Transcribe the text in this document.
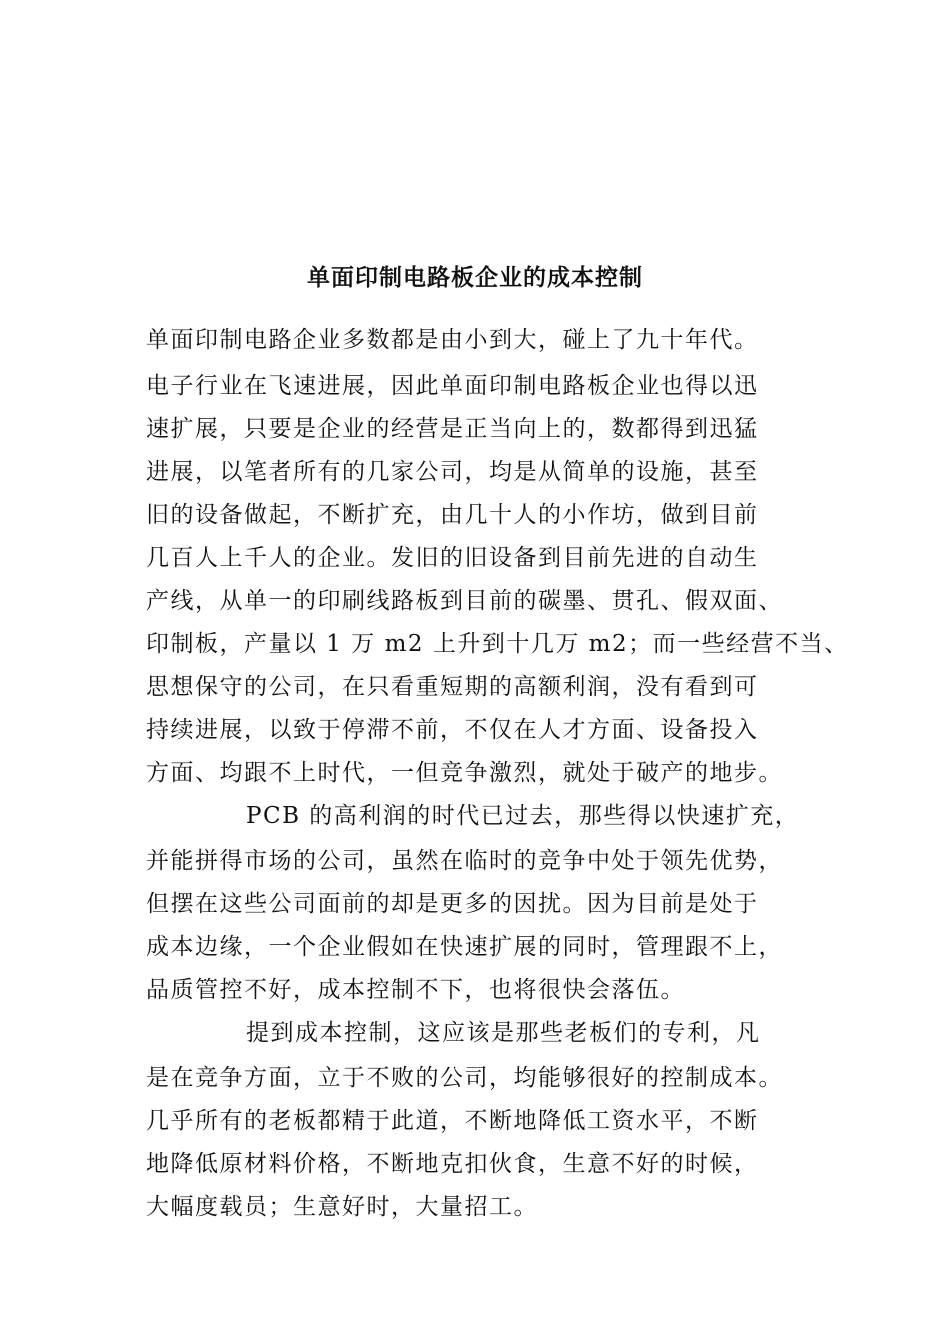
单面印制电路板企业的成本控制
单面印制电路企业多数都是由小到大，碰上了九十年代。
电子行业在飞速进展，因此单面印制电路板企业也得以迅
速扩展，只要是企业的经营是正当向上的，数都得到迅猛
进展，以笔者所有的几家公司，均是从简单的设施，甚至
旧的设备做起，不断扩充，由几十人的小作坊，做到目前
几百人上千人的企业。发旧的旧设备到目前先进的自动生
产线，从单一的印刷线路板到目前的碳墨、贯孔、假双面、
印制板，产量以 1 万 m2 上升到十几万 m2；而一些经营不当、
思想保守的公司，在只看重短期的高额利润，没有看到可
持续进展，以致于停滞不前，不仅在人才方面、设备投入
方面、均跟不上时代，一但竞争激烈，就处于破产的地步。
PCB 的高利润的时代已过去，那些得以快速扩充，
并能拼得市场的公司，虽然在临时的竞争中处于领先优势，
但摆在这些公司面前的却是更多的因扰。因为目前是处于
成本边缘，一个企业假如在快速扩展的同时，管理跟不上，
品质管控不好，成本控制不下，也将很快会落伍。
提到成本控制，这应该是那些老板们的专利，凡
是在竞争方面，立于不败的公司，均能够很好的控制成本。
几乎所有的老板都精于此道，不断地降低工资水平，不断
地降低原材料价格，不断地克扣伙食，生意不好的时候，
大幅度载员；生意好时，大量招工。
